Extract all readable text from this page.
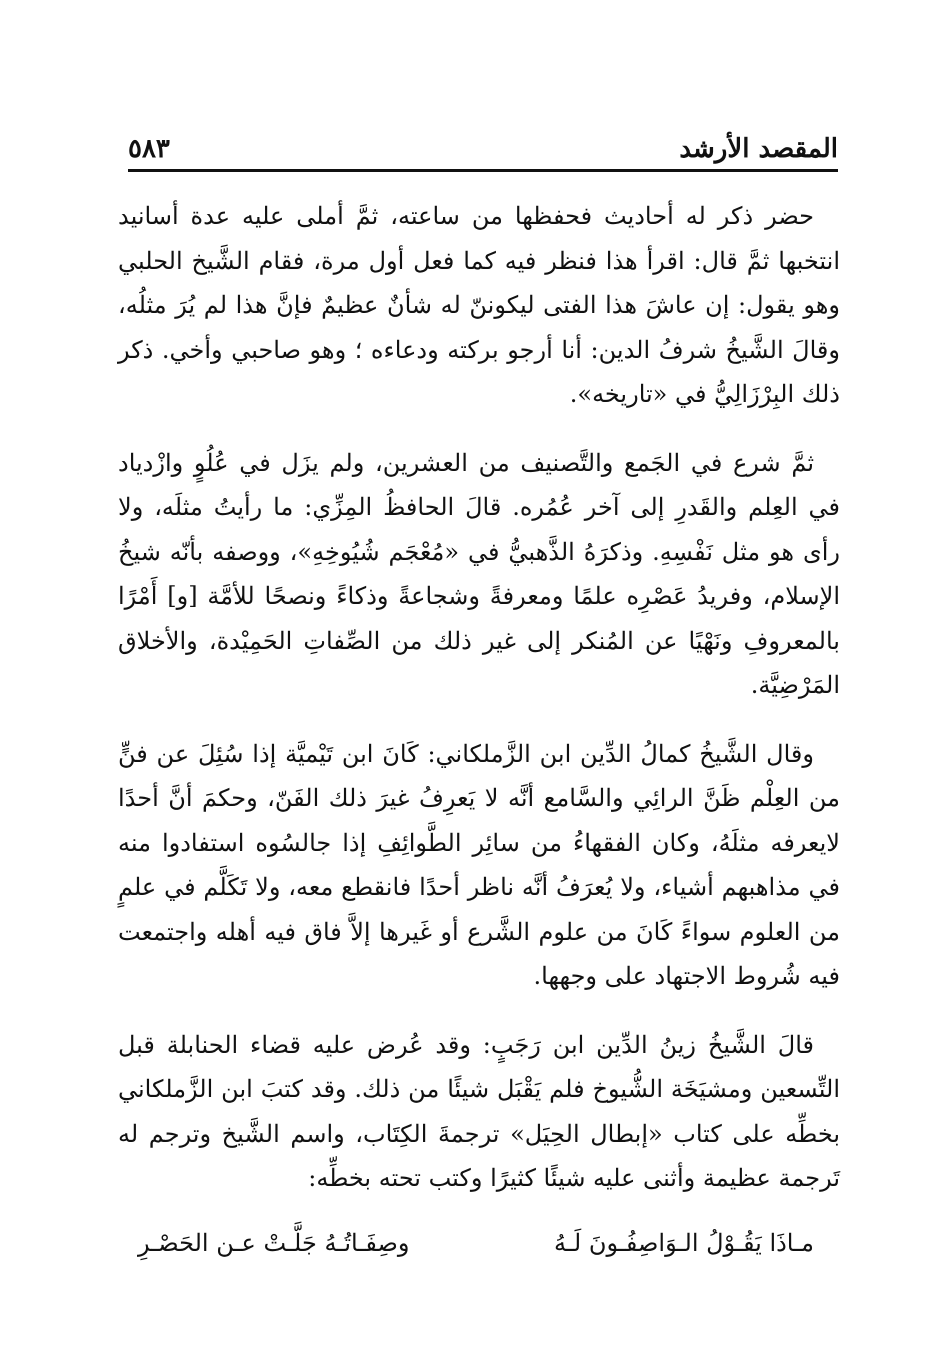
٥٨٣	المقصد الأرشد

حضر ذكر له أحاديث فحفظها من ساعته، ثمَّ أملى عليه عدة أسانيد انتخبها ثمَّ قال: اقرأ هذا فنظر فيه كما فعل أول مرة، فقام الشَّيخ الحلبي وهو يقول: إن عاشَ هذا الفتى ليكوننّ له شأنٌ عظيمٌ فإنَّ هذا لم يُرَ مثلُه، وقالَ الشَّيخُ شرفُ الدين: أنا أرجو بركته ودعاءه ؛ وهو صاحبي وأخي. ذكر ذلك البِرْزَالِيُّ في «تاريخه».

ثمَّ شرع في الجَمع والتَّصنيف من العشرين، ولم يزَل في عُلُوٍ وازْدياد في العِلم والقَدرِ إلى آخر عُمُره. قالَ الحافظُ المِزِّي: ما رأيتُ مثلَه، ولا رأى هو مثل نَفْسِهِ. وذكرَهُ الذَّهبيُّ في «مُعْجَم شُيُوخِهِ»، ووصفه بأنّه شيخُ الإسلام، وفريدُ عَصْرِه علمًا ومعرفةً وشجاعةً وذكاءً ونصحًا للأمَّة [و] أَمْرًا بالمعروفِ ونَهْيًا عن المُنكر إلى غير ذلك من الصِّفاتِ الحَمِيْدة، والأخلاق المَرْضِيَّة.

وقال الشَّيخُ كمالُ الدِّين ابن الزَّملكاني: كَانَ ابن تَيْميَّة إذا سُئِلَ عن فنٍّ من العِلْم ظَنَّ الرائِي والسَّامع أنَّه لا يَعرِفُ غيرَ ذلك الفَنّ، وحكمَ أنَّ أحدًا لايعرفه مثلَهُ، وكان الفقهاءُ من سائِر الطَّوائِفِ إذا جالسُوه استفادوا منه في مذاهبهم أشياء، ولا يُعرَفُ أنَّه ناظر أحدًا فانقطع معه، ولا تَكَلَّم في علمٍ من العلوم سواءً كَانَ من علوم الشَّرع أو غَيرها إلاَّ فاق فيه أهله واجتمعت فيه شُروط الاجتهاد على وجهها.

قالَ الشَّيخُ زينُ الدِّين ابن رَجَبٍ: وقد عُرض عليه قضاء الحنابلة قبل التِّسعين ومشيَخَة الشُّيوخ فلم يَقْبَل شيئًا من ذلك. وقد كتبَ ابن الزَّملكاني بخطِّه على كتاب «إبطال الحِيَل» ترجمةَ الكِتَاب، واسم الشَّيخ وترجم له تَرجمة عظيمة وأثنى عليه شيئًا كثيرًا وكتب تحته بخطِّه:

مـاذَا يَقُـوْلُ الـوَاصِفُـونَ لَـهُ
وصِفَـاتُـهُ جَلَّـتْ عـن الحَصْـرِ
